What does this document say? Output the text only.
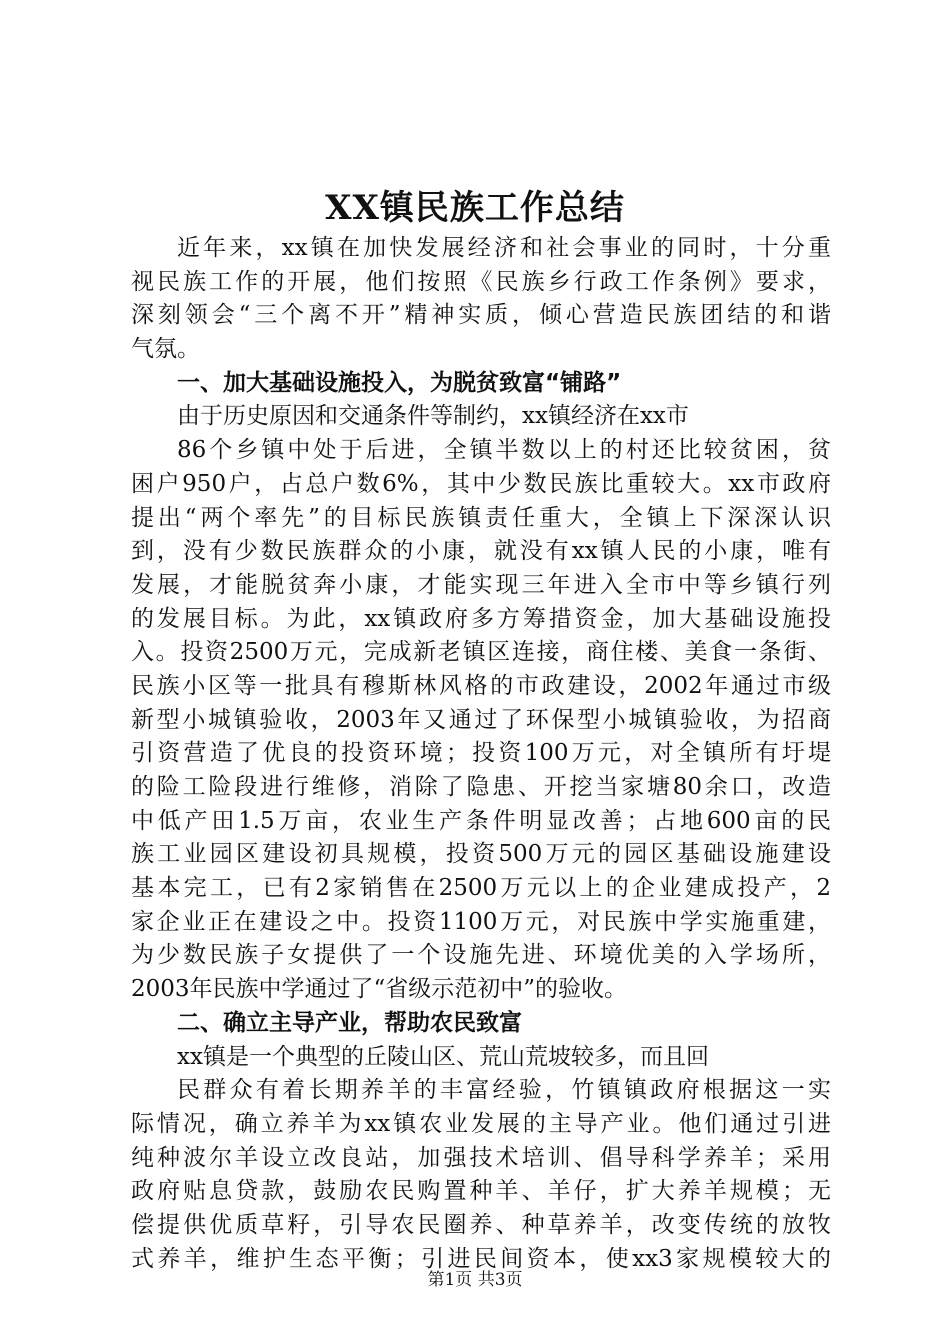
XX镇民族工作总结
近年来，xx镇在加快发展经济和社会事业的同时，十分重
视民族工作的开展，他们按照《民族乡行政工作条例》要求，
深刻领会“三个离不开”精神实质，倾心营造民族团结的和谐
气氛。
一、加大基础设施投入，为脱贫致富“铺路”
由于历史原因和交通条件等制约，xx镇经济在xx市
86个乡镇中处于后进，全镇半数以上的村还比较贫困，贫
困户950户，占总户数6%，其中少数民族比重较大。xx市政府
提出“两个率先”的目标民族镇责任重大，全镇上下深深认识
到，没有少数民族群众的小康，就没有xx镇人民的小康，唯有
发展，才能脱贫奔小康，才能实现三年进入全市中等乡镇行列
的发展目标。为此，xx镇政府多方筹措资金，加大基础设施投
入。投资2500万元，完成新老镇区连接，商住楼、美食一条街、
民族小区等一批具有穆斯林风格的市政建设，2002年通过市级
新型小城镇验收，2003年又通过了环保型小城镇验收，为招商
引资营造了优良的投资环境；投资100万元，对全镇所有圩堤
的险工险段进行维修，消除了隐患、开挖当家塘80余口，改造
中低产田1.5万亩，农业生产条件明显改善；占地600亩的民
族工业园区建设初具规模，投资500万元的园区基础设施建设
基本完工，已有2家销售在2500万元以上的企业建成投产，2
家企业正在建设之中。投资1100万元，对民族中学实施重建，
为少数民族子女提供了一个设施先进、环境优美的入学场所，
2003年民族中学通过了“省级示范初中”的验收。
二、确立主导产业，帮助农民致富
xx镇是一个典型的丘陵山区、荒山荒坡较多，而且回
民群众有着长期养羊的丰富经验，竹镇镇政府根据这一实
际情况，确立养羊为xx镇农业发展的主导产业。他们通过引进
纯种波尔羊设立改良站，加强技术培训、倡导科学养羊；采用
政府贴息贷款，鼓励农民购置种羊、羊仔，扩大养羊规模；无
偿提供优质草籽，引导农民圈养、种草养羊，改变传统的放牧
式养羊，维护生态平衡；引进民间资本，使xx3家规模较大的
第1页 共3页
